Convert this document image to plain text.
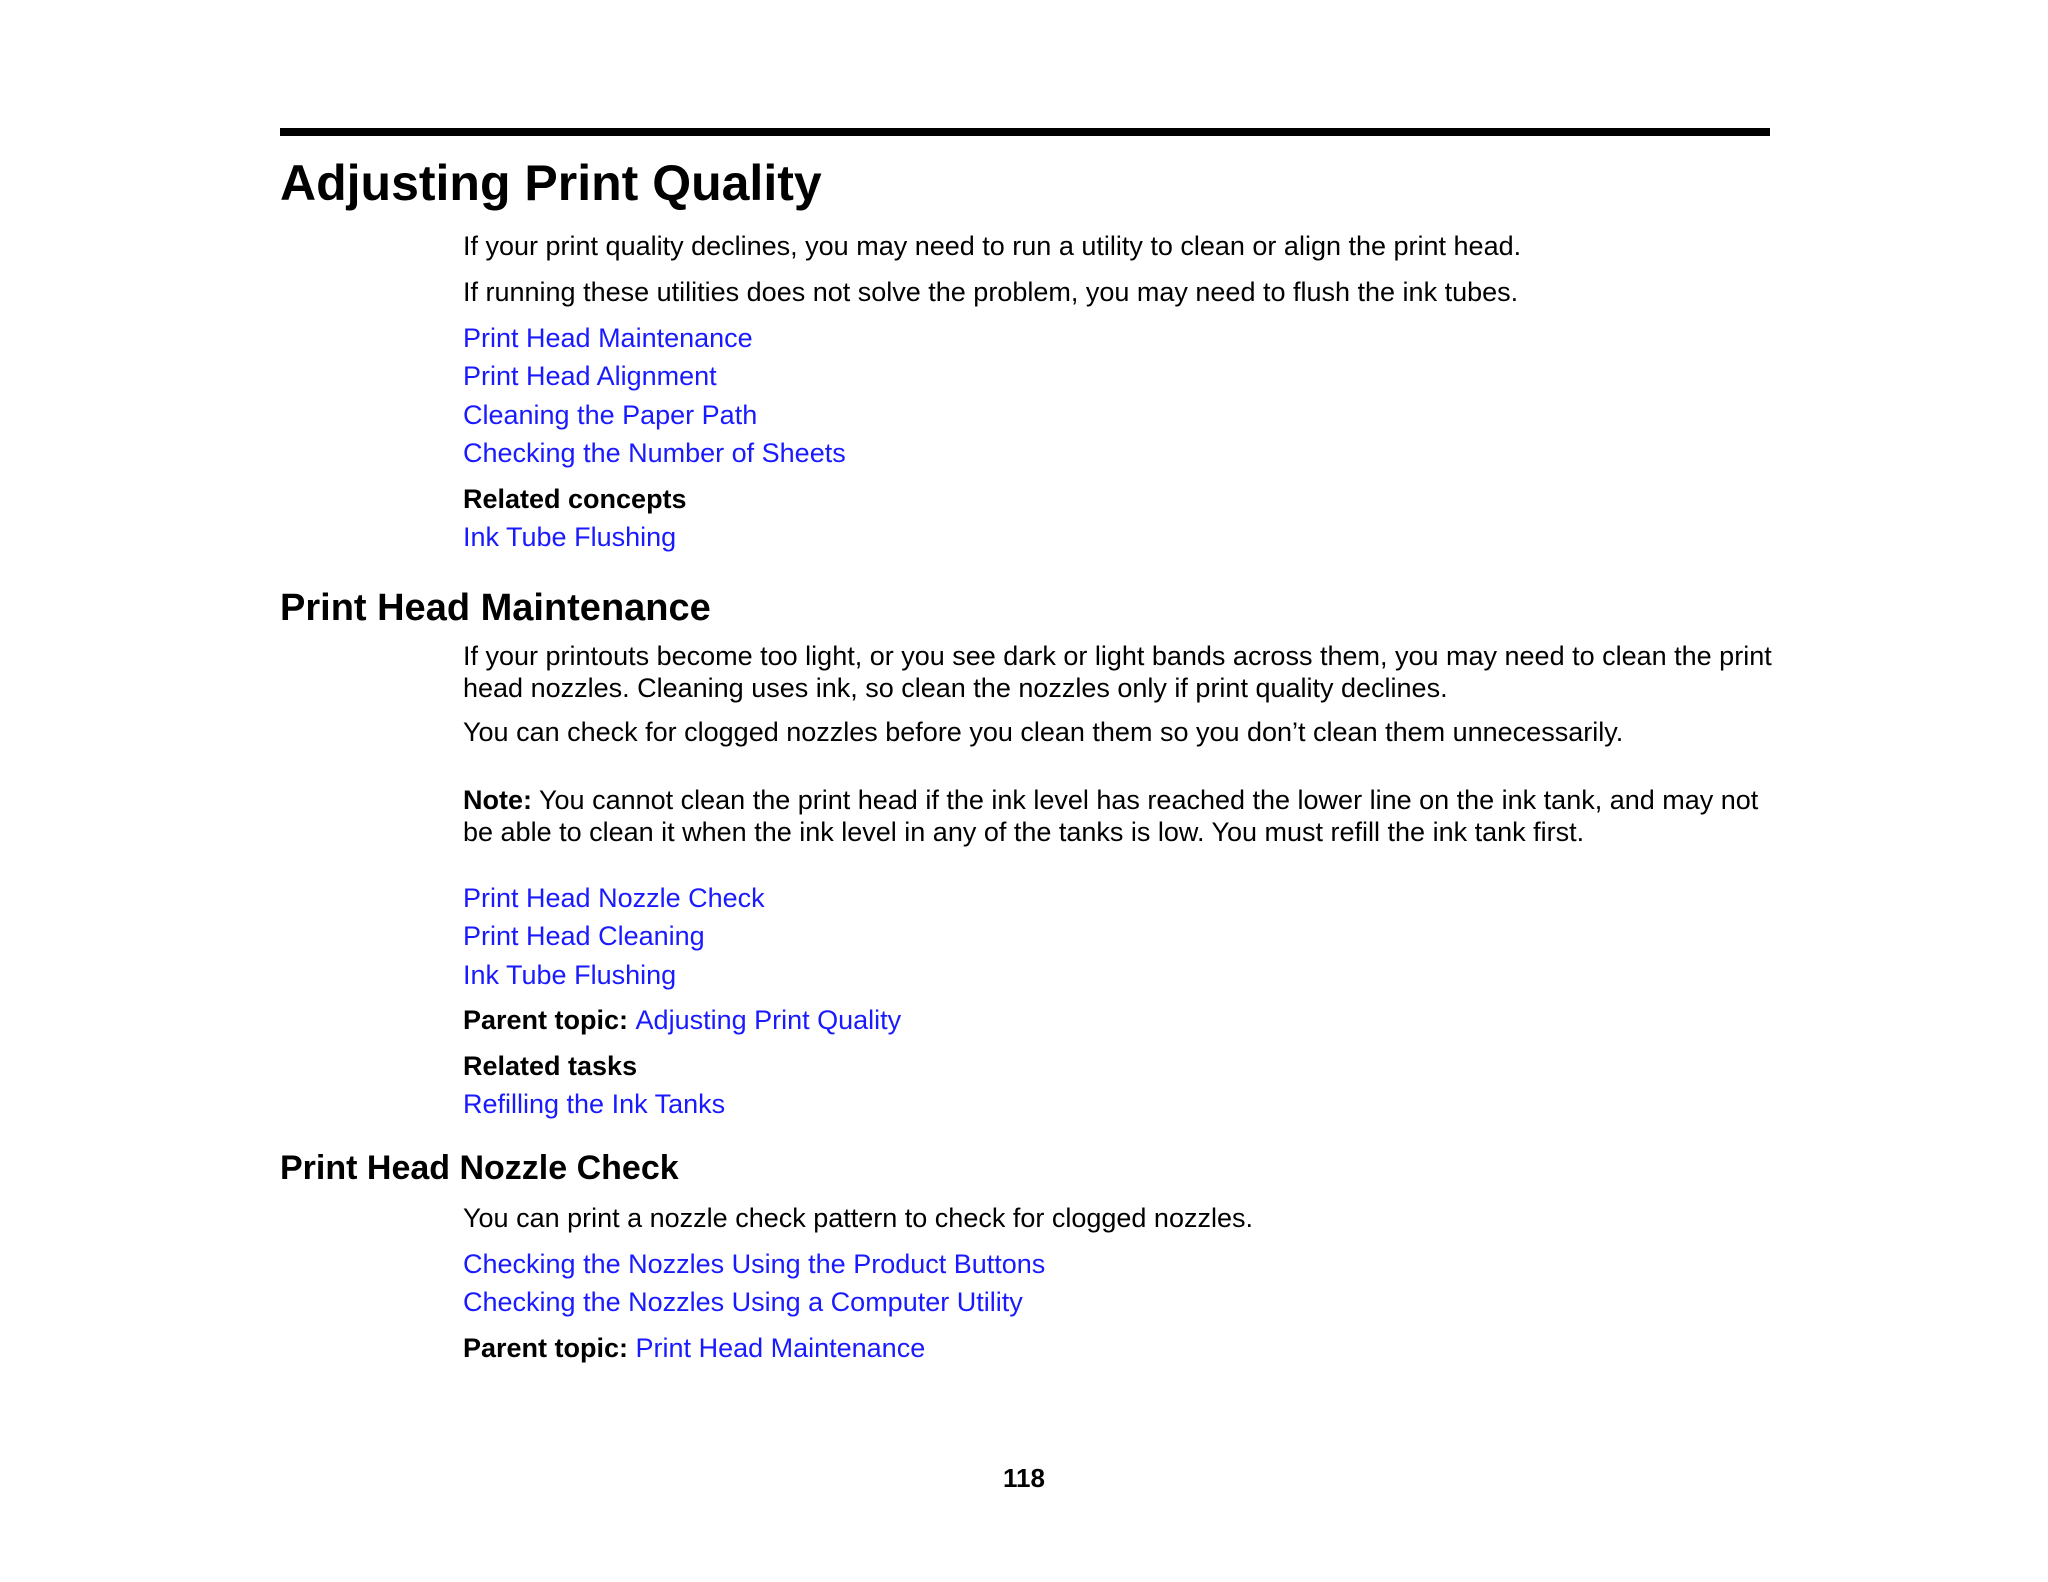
Adjusting Print Quality

If your print quality declines, you may need to run a utility to clean or align the print head.

If running these utilities does not solve the problem, you may need to flush the ink tubes.

Print Head Maintenance
Print Head Alignment
Cleaning the Paper Path
Checking the Number of Sheets
Related concepts
Ink Tube Flushing
Print Head Maintenance

If your printouts become too light, or you see dark or light bands across them, you may need to clean the print head nozzles. Cleaning uses ink, so clean the nozzles only if print quality declines.

You can check for clogged nozzles before you clean them so you don’t clean them unnecessarily.

Note: You cannot clean the print head if the ink level has reached the lower line on the ink tank, and may not be able to clean it when the ink level in any of the tanks is low. You must refill the ink tank first.

Print Head Nozzle Check
Print Head Cleaning
Ink Tube Flushing
Parent topic: Adjusting Print Quality
Related tasks
Refilling the Ink Tanks
Print Head Nozzle Check

You can print a nozzle check pattern to check for clogged nozzles.

Checking the Nozzles Using the Product Buttons
Checking the Nozzles Using a Computer Utility
Parent topic: Print Head Maintenance
118
